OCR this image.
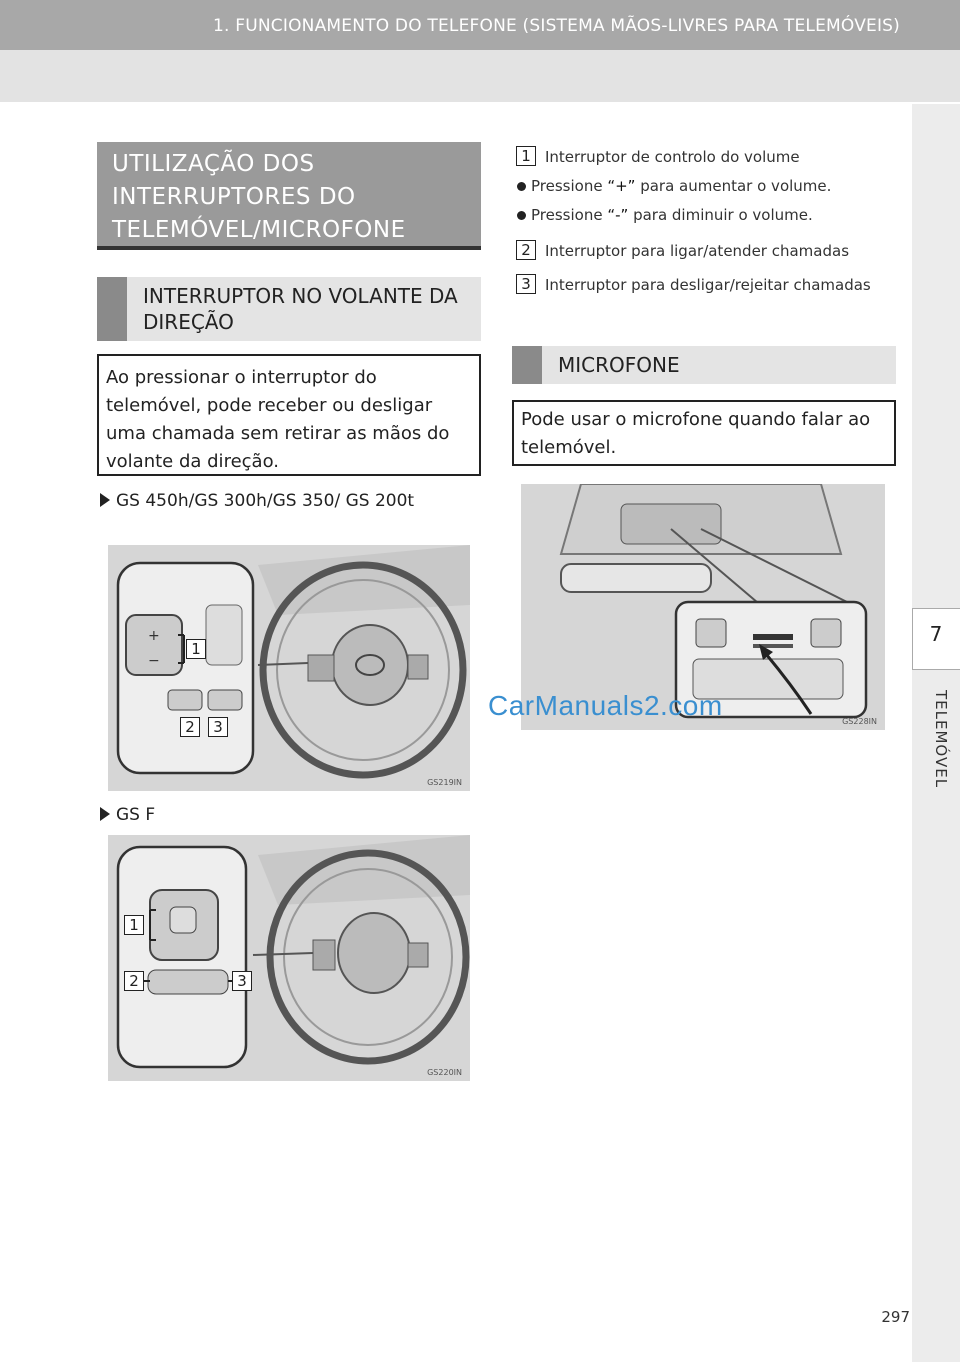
1. FUNCIONAMENTO DO TELEFONE (SISTEMA MÃOS-LIVRES PARA TELEMÓVEIS)
7
TELEMÓVEL
UTILIZAÇÃO DOS INTERRUPTORES DO TELEMÓVEL/MICROFONE
INTERRUPTOR NO VOLANTE DA DIREÇÃO
Ao pressionar o interruptor do telemóvel, pode receber ou desligar uma chamada sem retirar as mãos do volante da direção.
GS 450h/GS 300h/GS 350/ GS 200t
+
−
1
2	3
GS219IN
GS F
1
2	3
GS220IN
1 Interruptor de controlo do volume
Pressione “+” para aumentar o volume.
Pressione “-” para diminuir o volume.
2 Interruptor para ligar/atender chamadas
3 Interruptor para desligar/rejeitar chamadas
MICROFONE
Pode usar o microfone quando falar ao telemóvel.
GS228IN
CarManuals2.com
297
